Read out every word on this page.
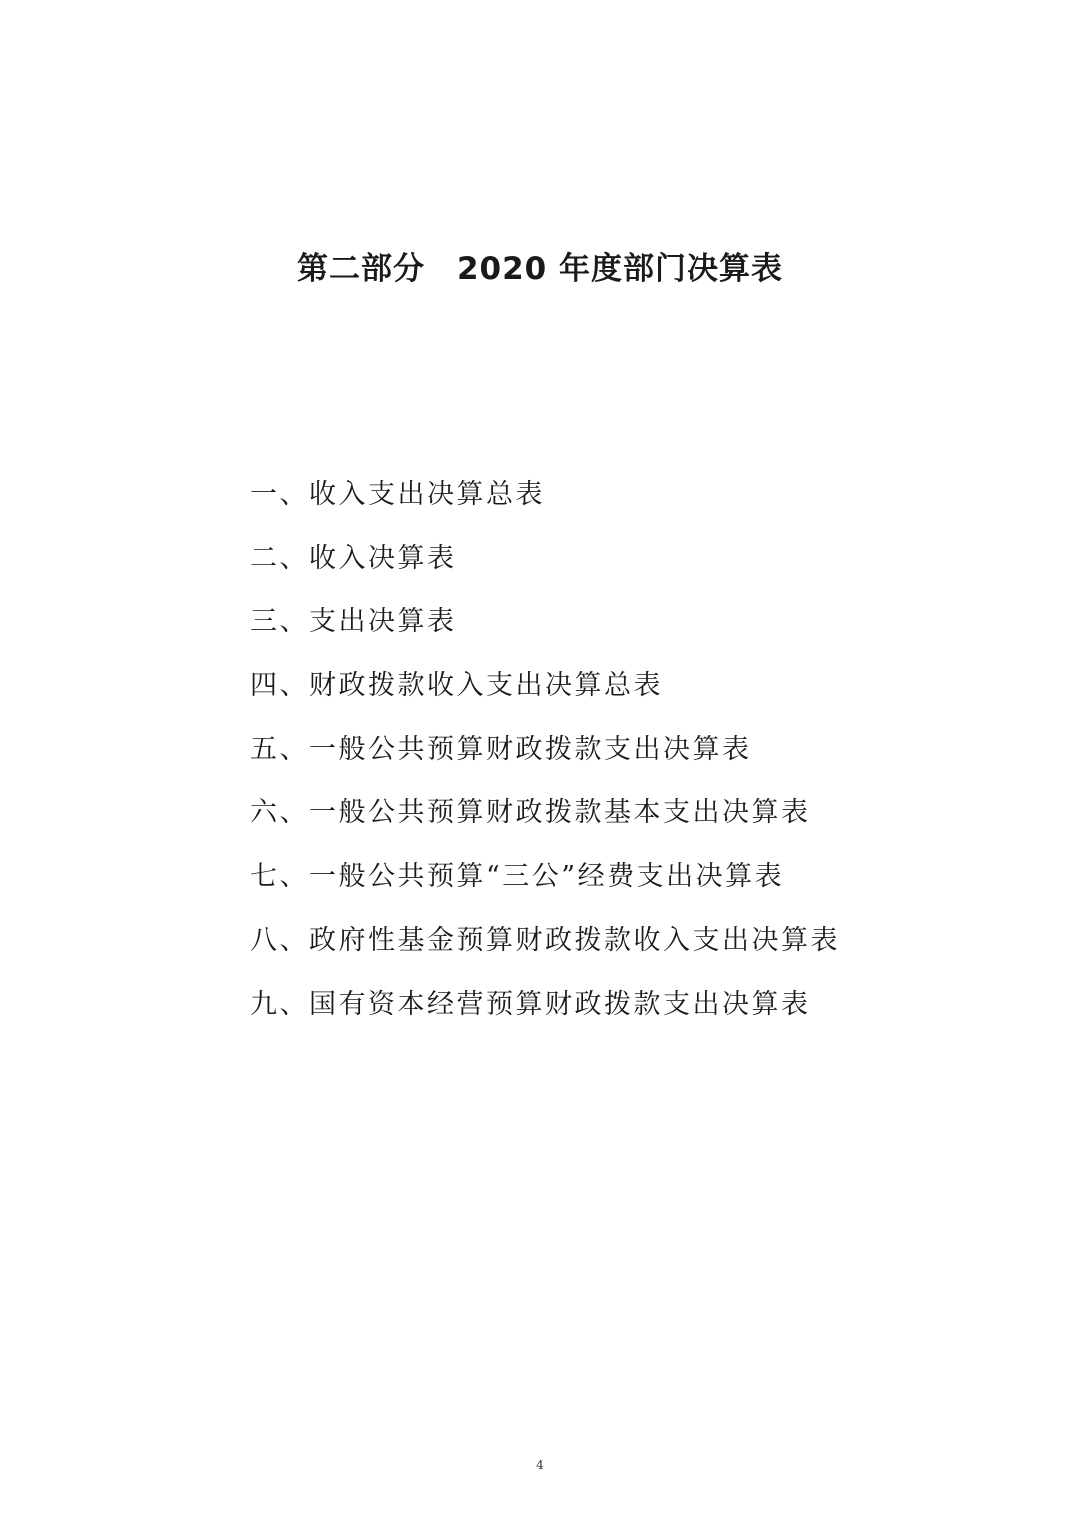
第二部分　2020 年度部门决算表
一、收入支出决算总表
二、收入决算表
三、支出决算表
四、财政拨款收入支出决算总表
五、一般公共预算财政拨款支出决算表
六、一般公共预算财政拨款基本支出决算表
七、一般公共预算“三公”经费支出决算表
八、政府性基金预算财政拨款收入支出决算表
九、国有资本经营预算财政拨款支出决算表
4
